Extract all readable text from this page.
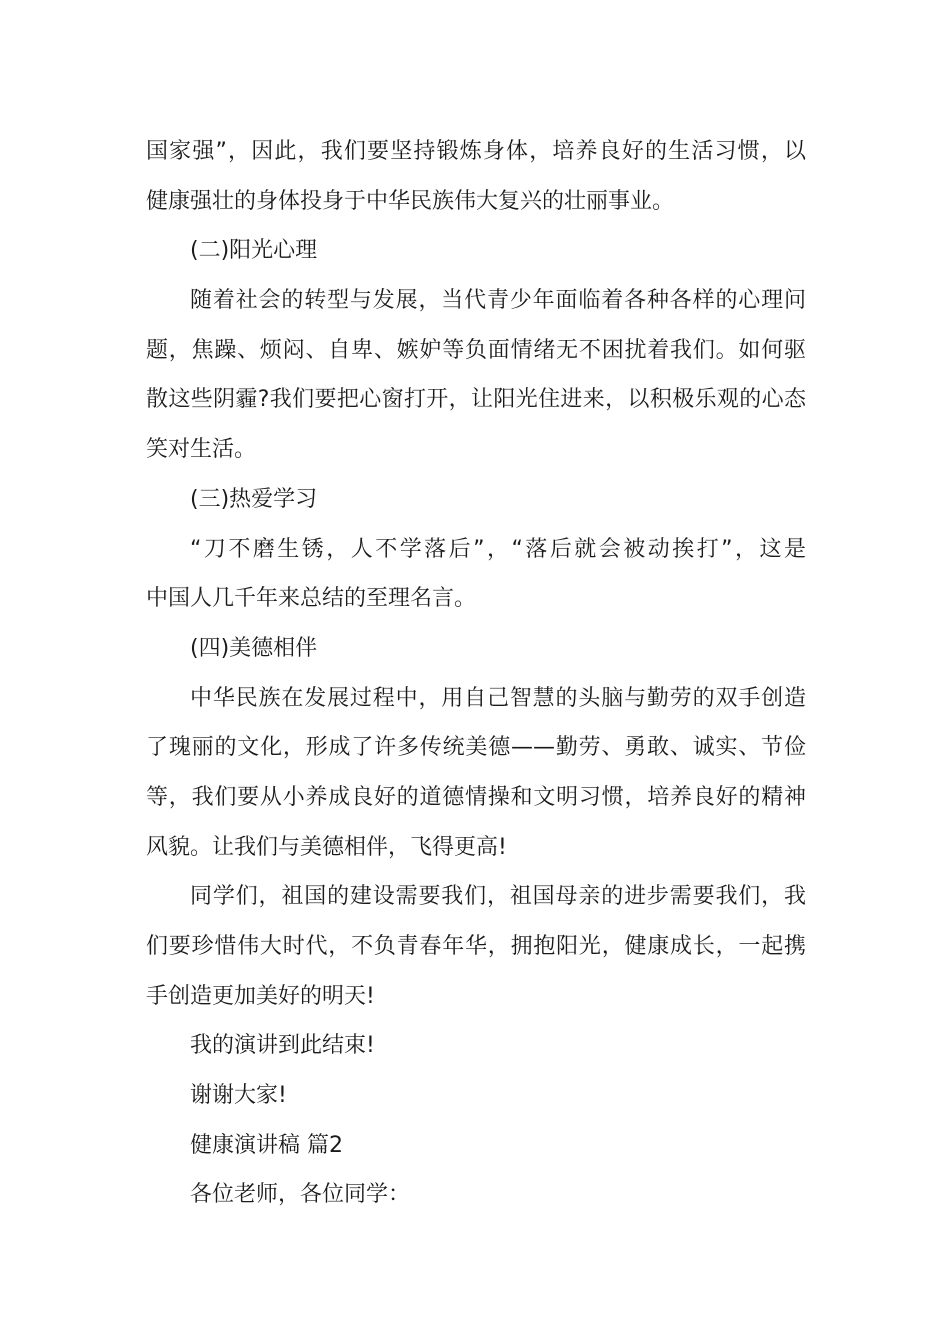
国家强”，因此，我们要坚持锻炼身体，培养良好的生活习惯，以
健康强壮的身体投身于中华民族伟大复兴的壮丽事业。
(二)阳光心理
随着社会的转型与发展，当代青少年面临着各种各样的心理问
题，焦躁、烦闷、自卑、嫉妒等负面情绪无不困扰着我们。如何驱
散这些阴霾?我们要把心窗打开，让阳光住进来，以积极乐观的心态
笑对生活。
(三)热爱学习
“刀不磨生锈，人不学落后”，“落后就会被动挨打”，这是
中国人几千年来总结的至理名言。
(四)美德相伴
中华民族在发展过程中，用自己智慧的头脑与勤劳的双手创造
了瑰丽的文化，形成了许多传统美德——勤劳、勇敢、诚实、节俭
等，我们要从小养成良好的道德情操和文明习惯，培养良好的精神
风貌。让我们与美德相伴，飞得更高!
同学们，祖国的建设需要我们，祖国母亲的进步需要我们，我
们要珍惜伟大时代，不负青春年华，拥抱阳光，健康成长，一起携
手创造更加美好的明天!
我的演讲到此结束!
谢谢大家!
健康演讲稿 篇2
各位老师，各位同学：
